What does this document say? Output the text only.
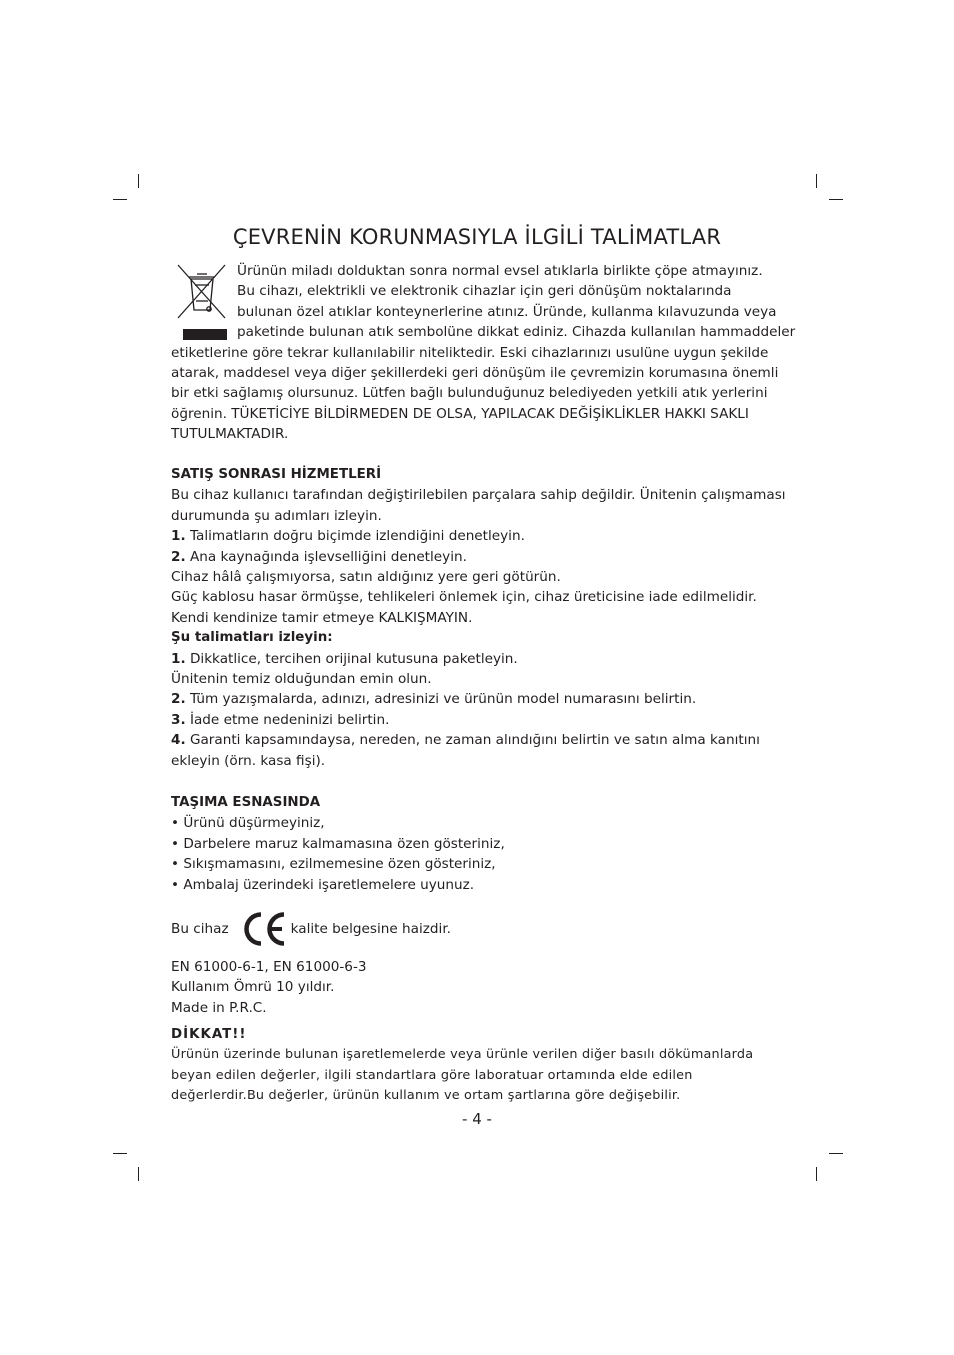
ÇEVRENİN KORUNMASIYLA İLGİLİ TALİMATLAR

Ürünün miladı dolduktan sonra normal evsel atıklarla birlikte çöpe atmayınız.

Bu cihazı, elektrikli ve elektronik cihazlar için geri dönüşüm noktalarında

bulunan özel atıklar konteynerlerine atınız. Üründe, kullanma kılavuzunda veya

paketinde bulunan atık sembolüne dikkat ediniz. Cihazda kullanılan hammaddeler

etiketlerine göre tekrar kullanılabilir niteliktedir. Eski cihazlarınızı usulüne uygun şekilde

atarak, maddesel veya diğer şekillerdeki geri dönüşüm ile çevremizin korumasına önemli

bir etki sağlamış olursunuz. Lütfen bağlı bulunduğunuz belediyeden yetkili atık yerlerini

öğrenin. TÜKETİCİYE BİLDİRMEDEN DE OLSA, YAPILACAK DEĞİŞİKLİKLER HAKKI SAKLI

TUTULMAKTADIR.

SATIŞ SONRASI HİZMETLERİ

Bu cihaz kullanıcı tarafından değiştirilebilen parçalara sahip değildir. Ünitenin çalışmaması

durumunda şu adımları izleyin.

1. Talimatların doğru biçimde izlendiğini denetleyin.

2. Ana kaynağında işlevselliğini denetleyin.

Cihaz hâlâ çalışmıyorsa, satın aldığınız yere geri götürün.

Güç kablosu hasar örmüşse, tehlikeleri önlemek için, cihaz üreticisine iade edilmelidir.

Kendi kendinize tamir etmeye KALKIŞMAYIN.

Şu talimatları izleyin:

1. Dikkatlice, tercihen orijinal kutusuna paketleyin.

Ünitenin temiz olduğundan emin olun.

2. Tüm yazışmalarda, adınızı, adresinizi ve ürünün model numarasını belirtin.

3. İade etme nedeninizi belirtin.

4. Garanti kapsamındaysa, nereden, ne zaman alındığını belirtin ve satın alma kanıtını

ekleyin (örn. kasa fişi).

TAŞIMA ESNASINDA

• Ürünü düşürmeyiniz,

• Darbelere maruz kalmamasına özen gösteriniz,

• Sıkışmamasını, ezilmemesine özen gösteriniz,

• Ambalaj üzerindeki işaretlemelere uyunuz.

Bu cihaz	kalite belgesine haizdir.

EN 61000-6-1, EN 61000-6-3

Kullanım Ömrü 10 yıldır.

Made in P.R.C.

DİKKAT!!

Ürünün üzerinde bulunan işaretlemelerde veya ürünle verilen diğer basılı dökümanlarda

beyan edilen değerler, ilgili standartlara göre laboratuar ortamında elde edilen

değerlerdir.Bu değerler, ürünün kullanım ve ortam şartlarına göre değişebilir.

- 4 -
